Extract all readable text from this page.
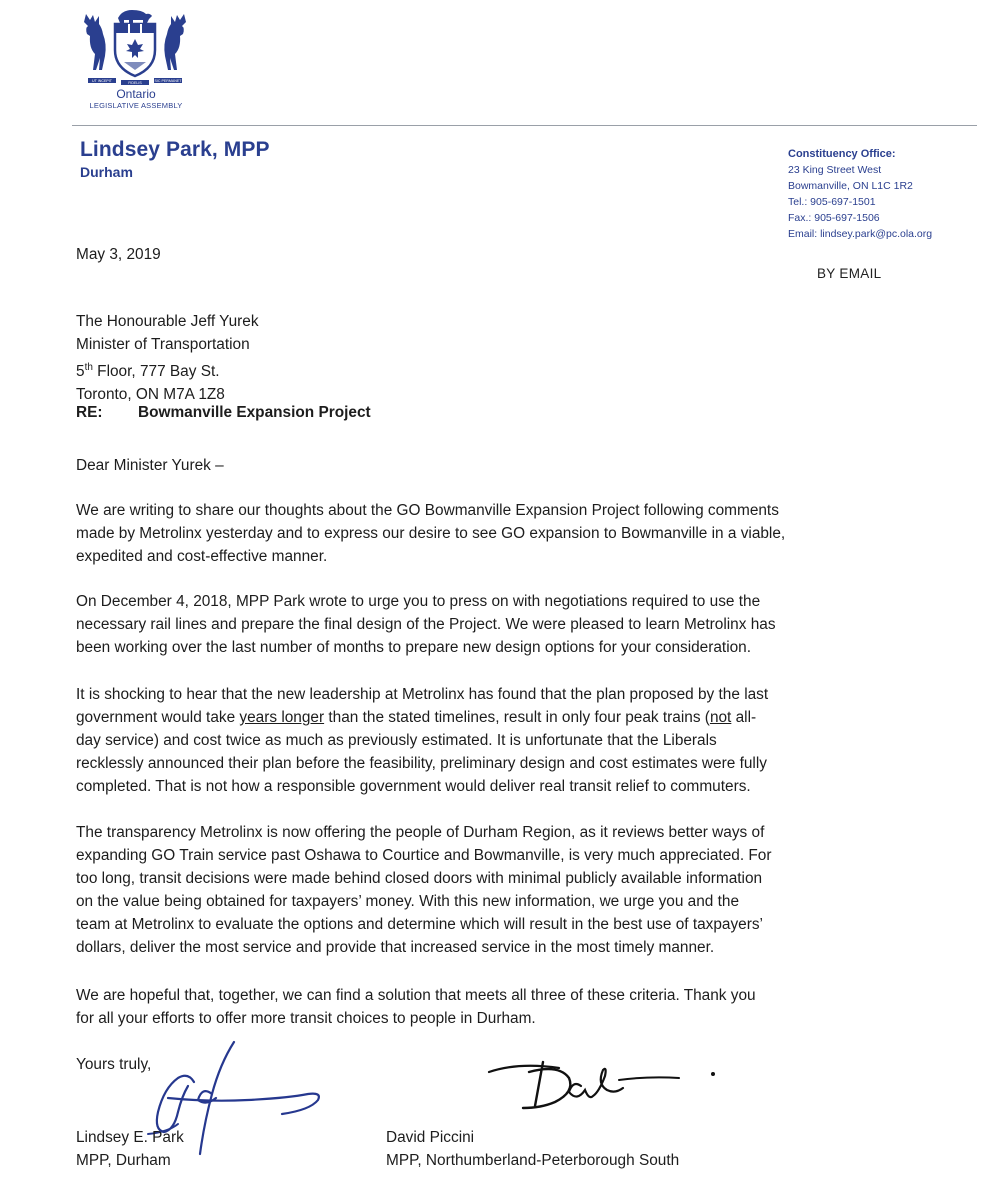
UT INCEPIT	FIDELIS	SIC PERMANET
Ontario
LEGISLATIVE ASSEMBLY
Lindsey Park, MPP
Durham
Constituency Office:
23 King Street West
Bowmanville, ON L1C 1R2
Tel.: 905-697-1501
Fax.: 905-697-1506
Email: lindsey.park@pc.ola.org
BY EMAIL
May 3, 2019
The Honourable Jeff Yurek
Minister of Transportation
5th Floor, 777 Bay St.
Toronto, ON M7A 1Z8
RE: Bowmanville Expansion Project
Dear Minister Yurek –

We are writing to share our thoughts about the GO Bowmanville Expansion Project following comments

made by Metrolinx yesterday and to express our desire to see GO expansion to Bowmanville in a viable,

expedited and cost-effective manner.

On December 4, 2018, MPP Park wrote to urge you to press on with negotiations required to use the

necessary rail lines and prepare the final design of the Project. We were pleased to learn Metrolinx has

been working over the last number of months to prepare new design options for your consideration.

It is shocking to hear that the new leadership at Metrolinx has found that the plan proposed by the last

government would take years longer than the stated timelines, result in only four peak trains (not all-

day service) and cost twice as much as previously estimated. It is unfortunate that the Liberals

recklessly announced their plan before the feasibility, preliminary design and cost estimates were fully

completed. That is not how a responsible government would deliver real transit relief to commuters.

The transparency Metrolinx is now offering the people of Durham Region, as it reviews better ways of

expanding GO Train service past Oshawa to Courtice and Bowmanville, is very much appreciated. For

too long, transit decisions were made behind closed doors with minimal publicly available information

on the value being obtained for taxpayers’ money. With this new information, we urge you and the

team at Metrolinx to evaluate the options and determine which will result in the best use of taxpayers’

dollars, deliver the most service and provide that increased service in the most timely manner.

We are hopeful that, together, we can find a solution that meets all three of these criteria. Thank you

for all your efforts to offer more transit choices to people in Durham.

Yours truly,
Lindsey E. Park
MPP, Durham
David Piccini
MPP, Northumberland-Peterborough South
